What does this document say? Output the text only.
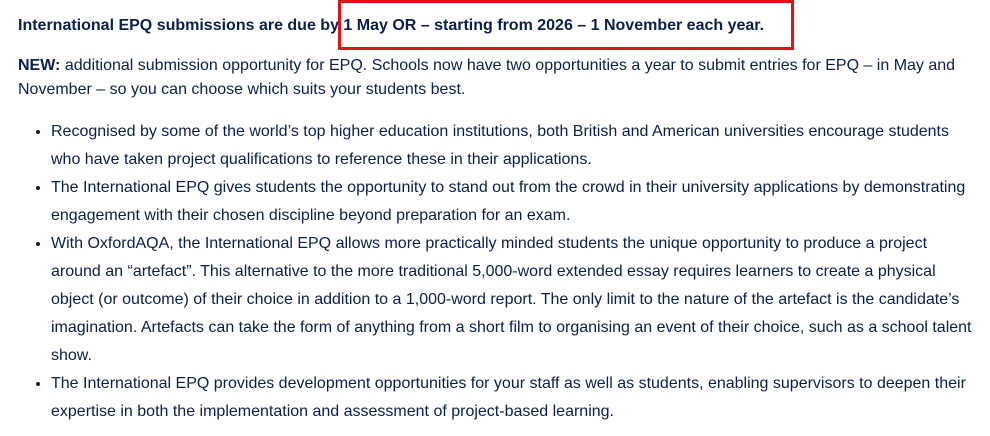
International EPQ submissions are due by 1 May OR – starting from 2026 – 1 November each year.

NEW: additional submission opportunity for EPQ. Schools now have two opportunities a year to submit entries for EPQ – in May and November – so you can choose which suits your students best.

• Recognised by some of the world’s top higher education institutions, both British and American universities encourage students who have taken project qualifications to reference these in their applications.
• The International EPQ gives students the opportunity to stand out from the crowd in their university applications by demonstrating engagement with their chosen discipline beyond preparation for an exam.
• With OxfordAQA, the International EPQ allows more practically minded students the unique opportunity to produce a project around an “artefact”. This alternative to the more traditional 5,000-word extended essay requires learners to create a physical object (or outcome) of their choice in addition to a 1,000-word report. The only limit to the nature of the artefact is the candidate’s imagination. Artefacts can take the form of anything from a short film to organising an event of their choice, such as a school talent show.
• The International EPQ provides development opportunities for your staff as well as students, enabling supervisors to deepen their expertise in both the implementation and assessment of project-based learning.
